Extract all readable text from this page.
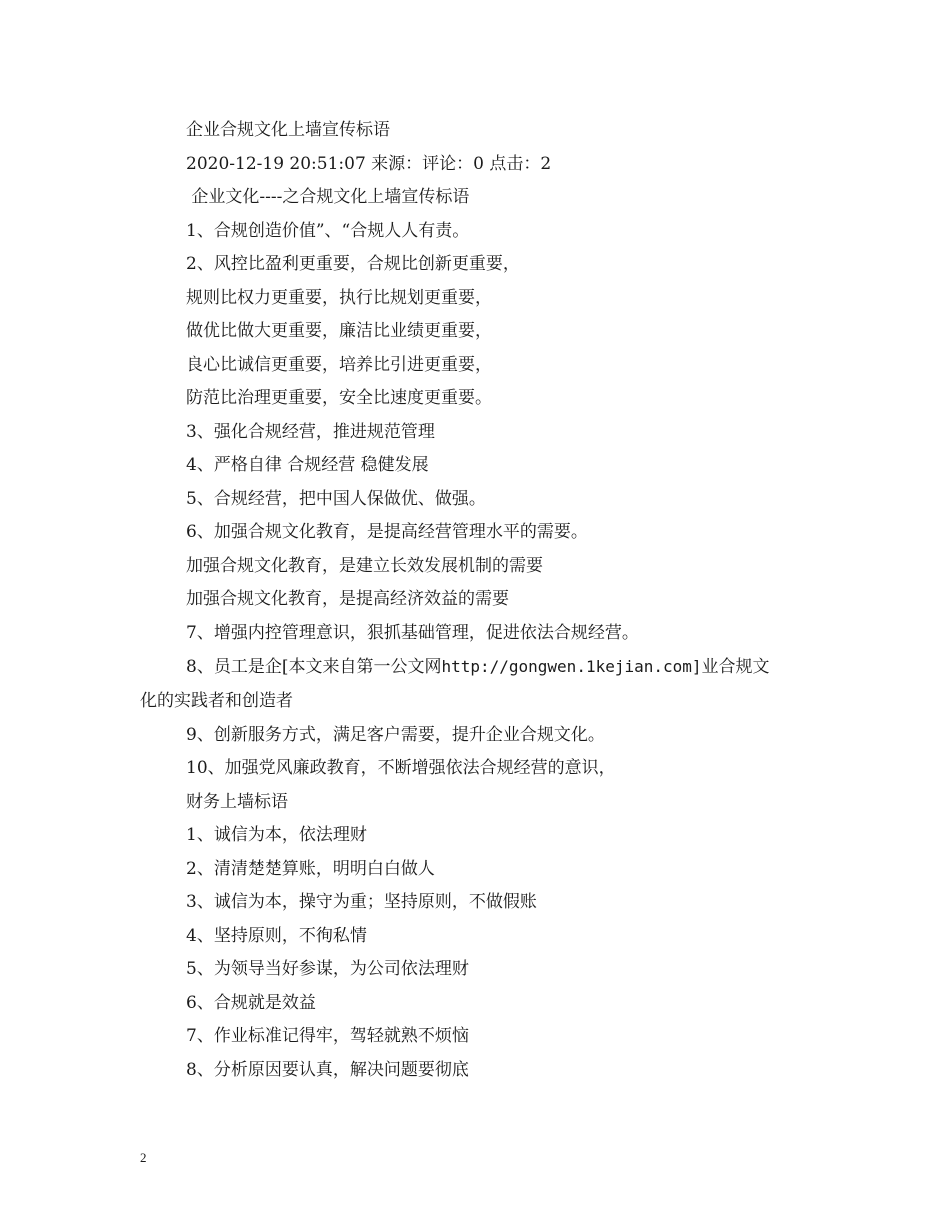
企业合规文化上墙宣传标语
2020-12-19 20:51:07 来源：评论：0 点击：2
企业文化----之合规文化上墙宣传标语
1、合规创造价值”、“合规人人有责。
2、风控比盈利更重要，合规比创新更重要，
规则比权力更重要，执行比规划更重要，
做优比做大更重要，廉洁比业绩更重要，
良心比诚信更重要，培养比引进更重要，
防范比治理更重要，安全比速度更重要。
3、强化合规经营，推进规范管理
4、严格自律 合规经营 稳健发展
5、合规经营，把中国人保做优、做强。
6、加强合规文化教育，是提高经营管理水平的需要。
加强合规文化教育，是建立长效发展机制的需要
加强合规文化教育，是提高经济效益的需要
7、增强内控管理意识，狠抓基础管理，促进依法合规经营。
8、员工是企[本文来自第一公文网http://gongwen.1kejian.com]业合规文
化的实践者和创造者
9、创新服务方式，满足客户需要，提升企业合规文化。
10、加强党风廉政教育，不断增强依法合规经营的意识，
财务上墙标语
1、诚信为本，依法理财
2、清清楚楚算账，明明白白做人
3、诚信为本，操守为重；坚持原则，不做假账
4、坚持原则，不徇私情
5、为领导当好参谋，为公司依法理财
6、合规就是效益
7、作业标准记得牢，驾轻就熟不烦恼
8、分析原因要认真，解决问题要彻底
2
